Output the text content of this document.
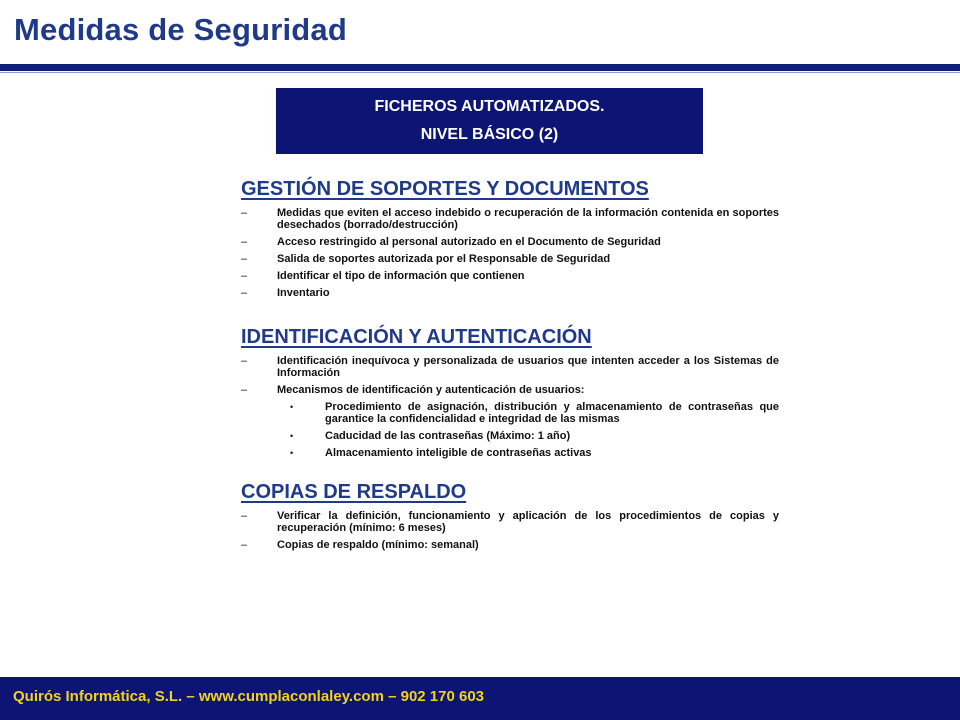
Medidas de Seguridad
FICHEROS AUTOMATIZADOS.
NIVEL BÁSICO (2)
GESTIÓN DE SOPORTES Y DOCUMENTOS
–	Medidas que eviten el acceso indebido o recuperación de la información contenida en soportes desechados (borrado/destrucción)
–	Acceso restringido al personal autorizado en el Documento de Seguridad
–	Salida de soportes autorizada por el Responsable de Seguridad
–	Identificar el tipo de información que contienen
–	Inventario
IDENTIFICACIÓN Y AUTENTICACIÓN
–	Identificación inequívoca y personalizada de usuarios que intenten acceder a los Sistemas de Información
–	Mecanismos de identificación y autenticación de usuarios:
•	Procedimiento de asignación, distribución y almacenamiento de contraseñas que garantice la confidencialidad e integridad de las mismas
•	Caducidad de las contraseñas (Máximo: 1 año)
•	Almacenamiento inteligible de contraseñas activas
COPIAS DE RESPALDO
–	Verificar la definición, funcionamiento y aplicación de los procedimientos de copias y recuperación (mínimo: 6 meses)
–	Copias de respaldo (mínimo: semanal)
Quirós Informática, S.L. – www.cumplaconlaley.com – 902 170 603
